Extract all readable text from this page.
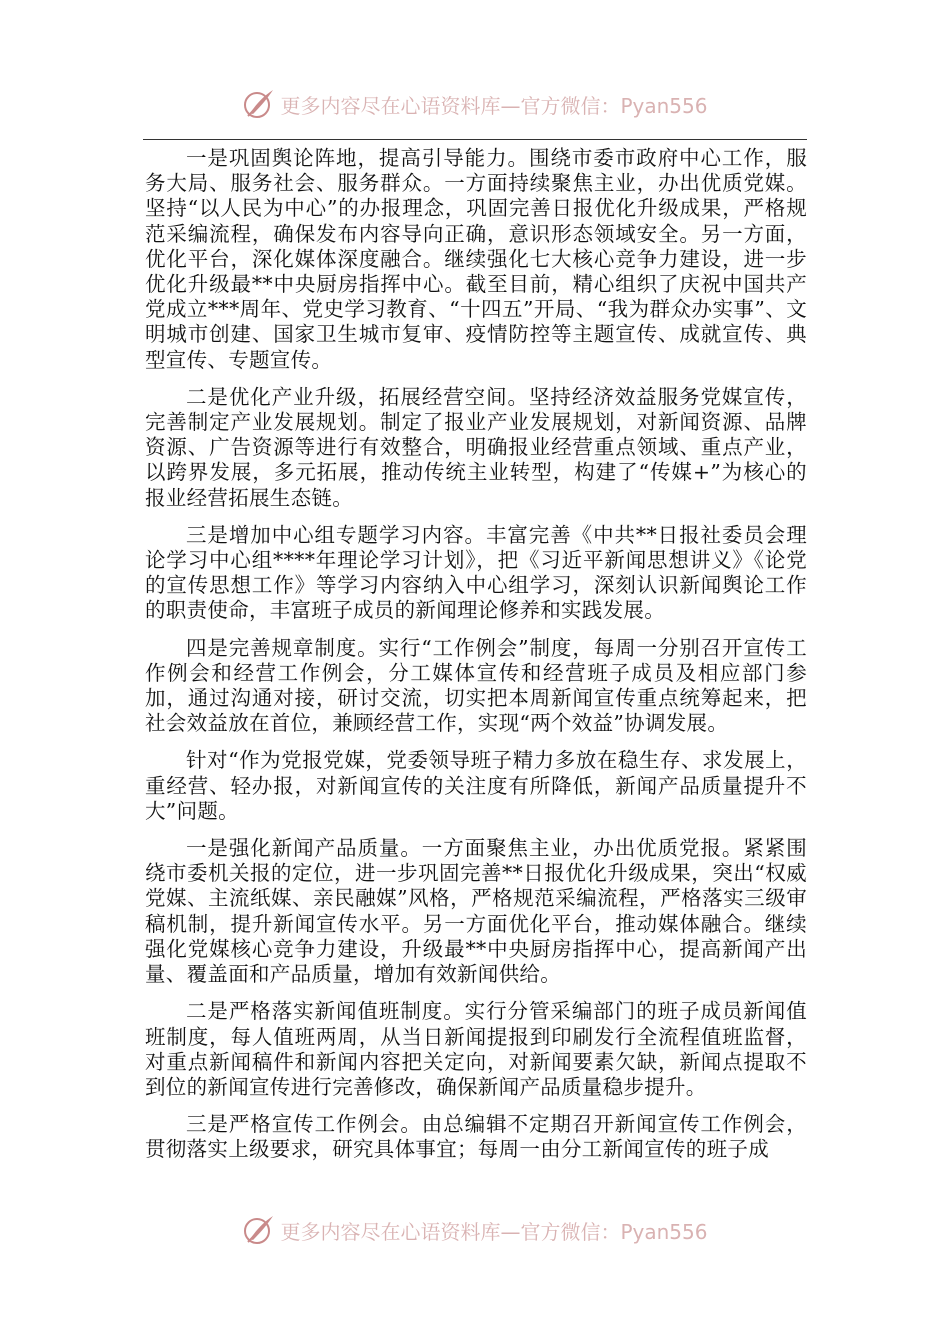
更多内容尽在心语资料库—官方微信：Pyan556

一是巩固舆论阵地，提高引导能力。围绕市委市政府中心工作，服务大局、服务社会、服务群众。一方面持续聚焦主业，办出优质党媒。坚持“以人民为中心”的办报理念，巩固完善日报优化升级成果，严格规范采编流程，确保发布内容导向正确，意识形态领域安全。另一方面，优化平台，深化媒体深度融合。继续强化七大核心竞争力建设，进一步优化升级最**中央厨房指挥中心。截至目前，精心组织了庆祝中国共产党成立***周年、党史学习教育、“十四五”开局、“我为群众办实事”、文明城市创建、国家卫生城市复审、疫情防控等主题宣传、成就宣传、典型宣传、专题宣传。

二是优化产业升级，拓展经营空间。坚持经济效益服务党媒宣传，完善制定产业发展规划。制定了报业产业发展规划，对新闻资源、品牌资源、广告资源等进行有效整合，明确报业经营重点领域、重点产业，以跨界发展，多元拓展，推动传统主业转型，构建了“传媒+”为核心的报业经营拓展生态链。

三是增加中心组专题学习内容。丰富完善《中共**日报社委员会理论学习中心组****年理论学习计划》，把《习近平新闻思想讲义》《论党的宣传思想工作》等学习内容纳入中心组学习，深刻认识新闻舆论工作的职责使命，丰富班子成员的新闻理论修养和实践发展。

四是完善规章制度。实行“工作例会”制度，每周一分别召开宣传工作例会和经营工作例会，分工媒体宣传和经营班子成员及相应部门参加，通过沟通对接，研讨交流，切实把本周新闻宣传重点统筹起来，把社会效益放在首位，兼顾经营工作，实现“两个效益”协调发展。

针对“作为党报党媒，党委领导班子精力多放在稳生存、求发展上，重经营、轻办报，对新闻宣传的关注度有所降低，新闻产品质量提升不大”问题。

一是强化新闻产品质量。一方面聚焦主业，办出优质党报。紧紧围绕市委机关报的定位，进一步巩固完善**日报优化升级成果，突出“权威党媒、主流纸媒、亲民融媒”风格，严格规范采编流程，严格落实三级审稿机制，提升新闻宣传水平。另一方面优化平台，推动媒体融合。继续强化党媒核心竞争力建设，升级最**中央厨房指挥中心，提高新闻产出量、覆盖面和产品质量，增加有效新闻供给。

二是严格落实新闻值班制度。实行分管采编部门的班子成员新闻值班制度，每人值班两周，从当日新闻提报到印刷发行全流程值班监督，对重点新闻稿件和新闻内容把关定向，对新闻要素欠缺，新闻点提取不到位的新闻宣传进行完善修改，确保新闻产品质量稳步提升。

三是严格宣传工作例会。由总编辑不定期召开新闻宣传工作例会，贯彻落实上级要求，研究具体事宜；每周一由分工新闻宣传的班子成

更多内容尽在心语资料库—官方微信：Pyan556
